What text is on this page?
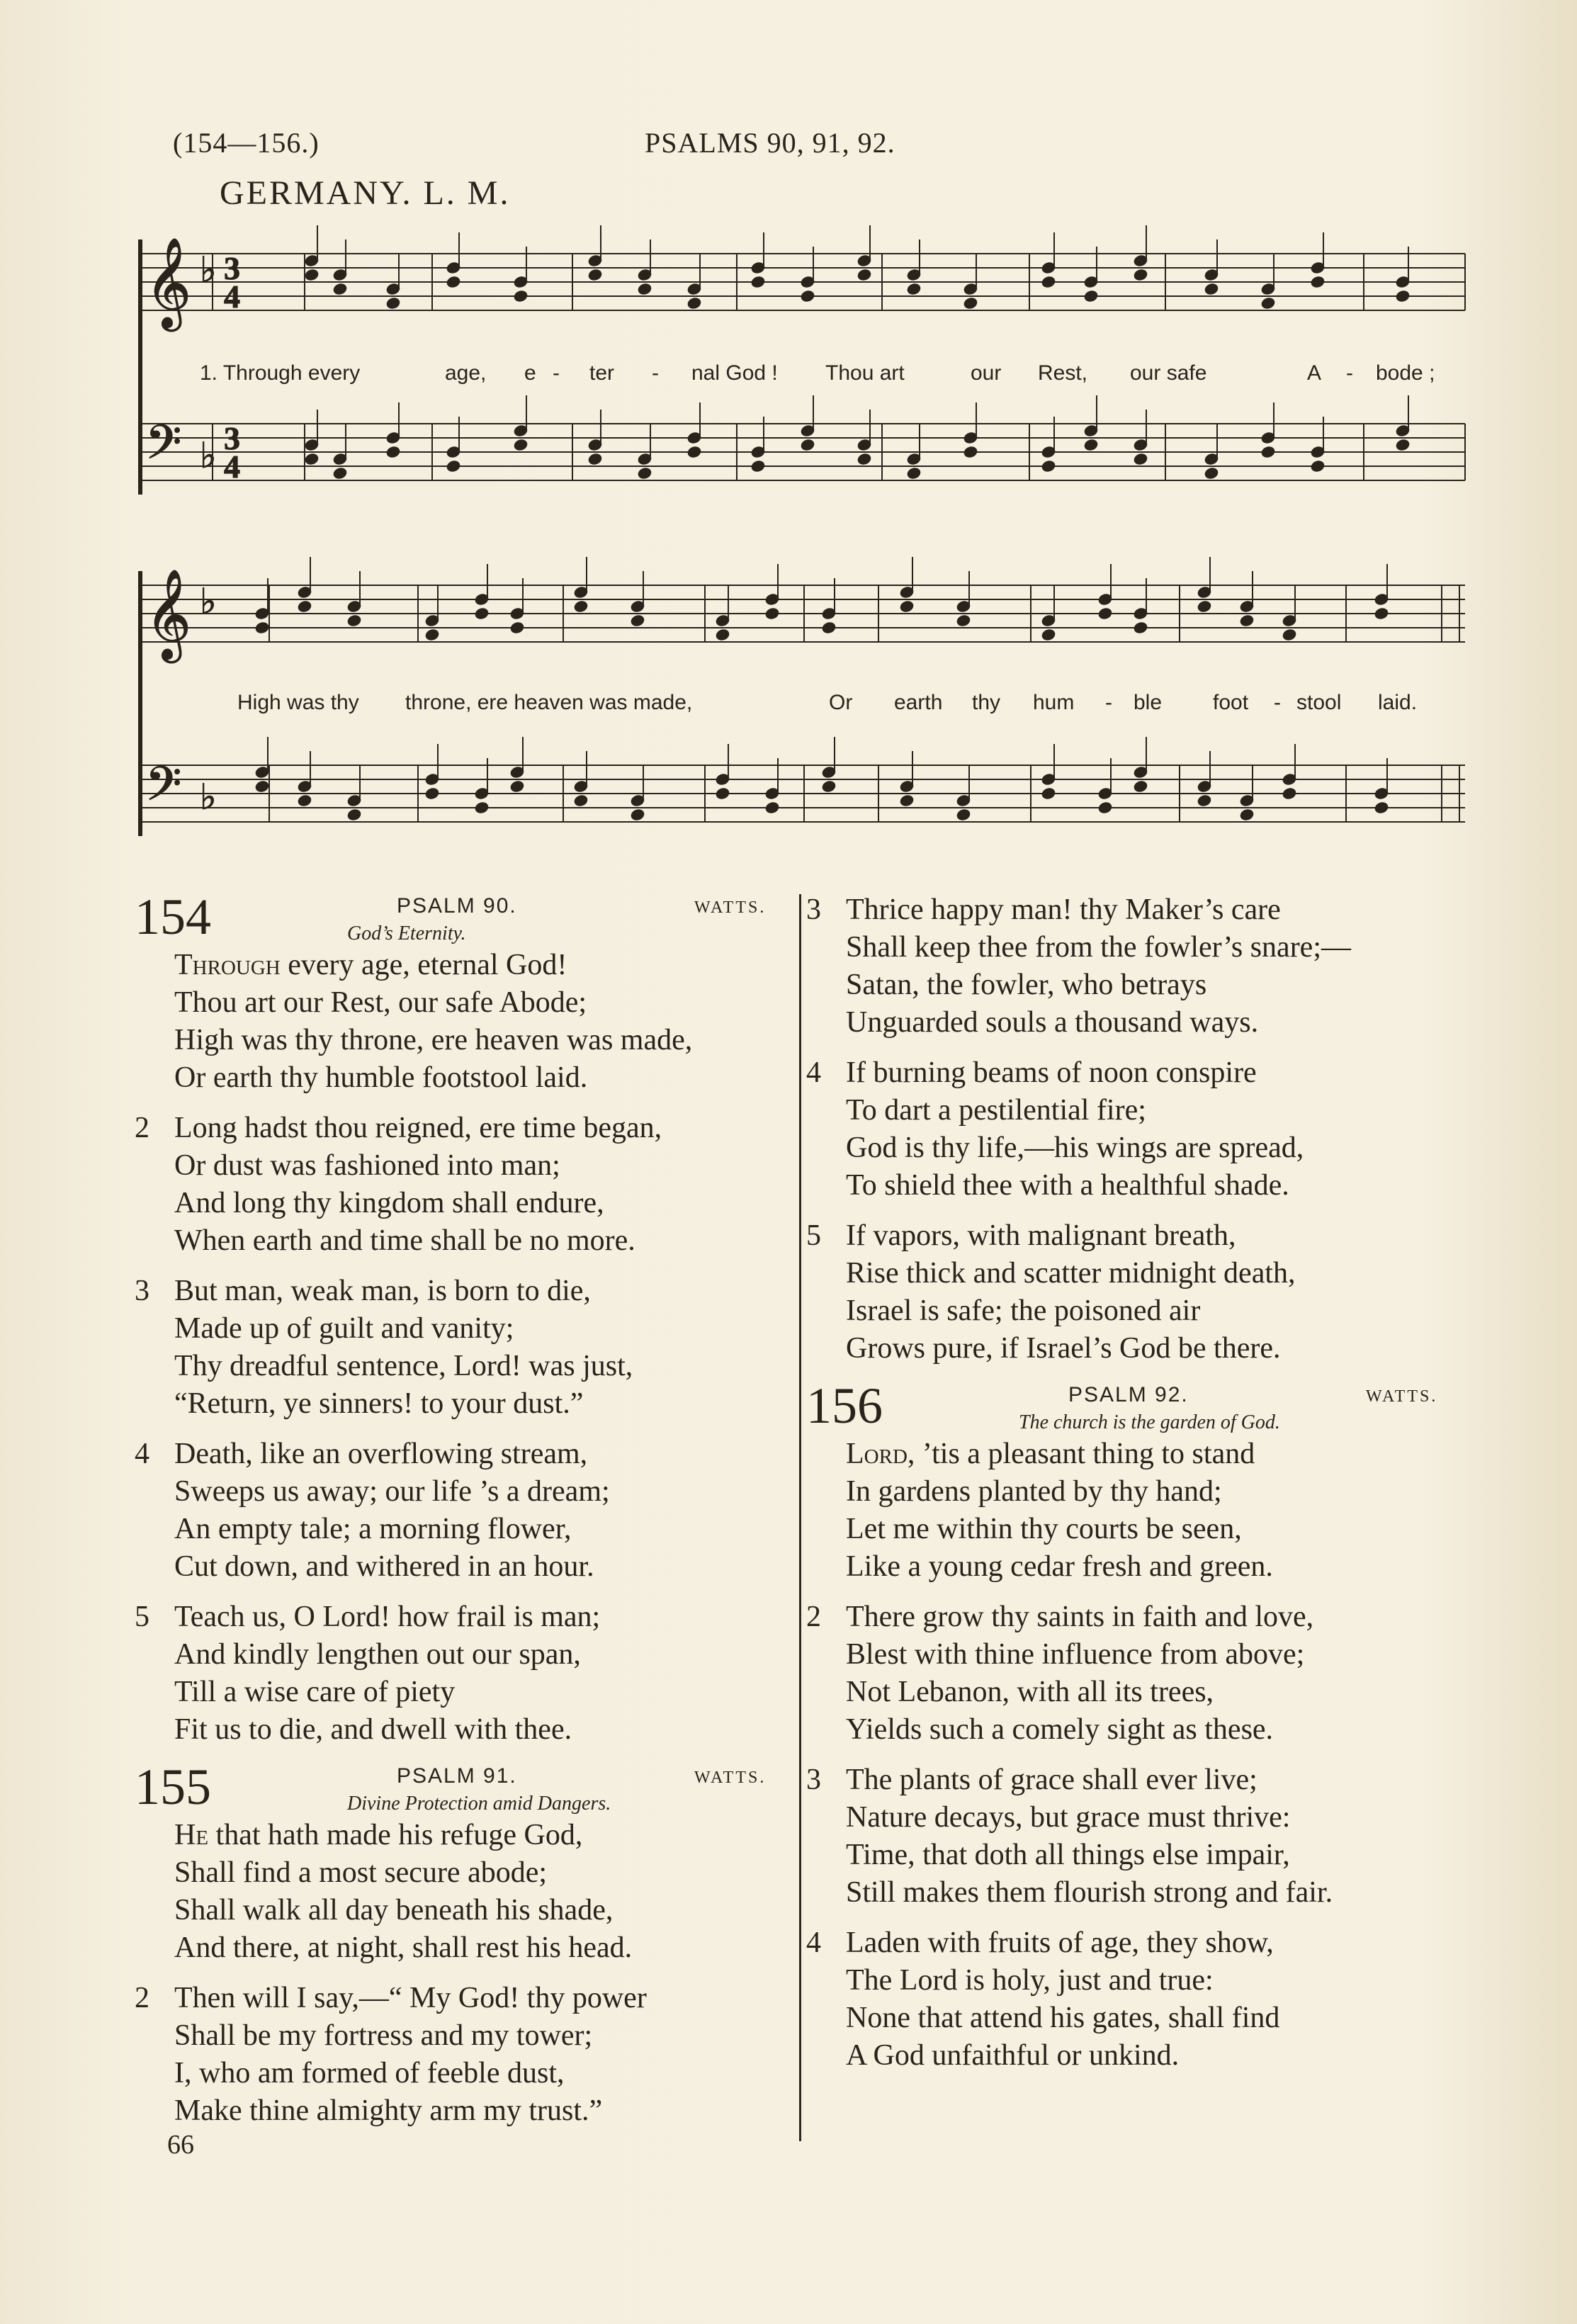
(154—156.)	PSALMS 90, 91, 92.
GERMANY. L. M.
𝄞
𝄢
♭
♭
3
4
3
4
𝄞
𝄢
♭
♭
1. Through every	age, e - ter - nal God ! Thou art	our Rest, our safe	A - bode ;
High was thy throne, ere heaven was made,	Or earth thy hum - ble foot - stool laid.
154	PSALM 90.	WATTS.
God’s Eternity.
Through every age, eternal God!
Thou art our Rest, our safe Abode;
High was thy throne, ere heaven was made,
Or earth thy humble footstool laid.
2 Long hadst thou reigned, ere time began,
Or dust was fashioned into man;
And long thy kingdom shall endure,
When earth and time shall be no more.
3 But man, weak man, is born to die,
Made up of guilt and vanity;
Thy dreadful sentence, Lord! was just,
“Return, ye sinners! to your dust.”
4 Death, like an overflowing stream,
Sweeps us away; our life ’s a dream;
An empty tale; a morning flower,
Cut down, and withered in an hour.
5 Teach us, O Lord! how frail is man;
And kindly lengthen out our span,
Till a wise care of piety
Fit us to die, and dwell with thee.
155	PSALM 91.	WATTS.
Divine Protection amid Dangers.
He that hath made his refuge God,
Shall find a most secure abode;
Shall walk all day beneath his shade,
And there, at night, shall rest his head.
2 Then will I say,—“ My God! thy power
Shall be my fortress and my tower;
I, who am formed of feeble dust,
Make thine almighty arm my trust.”
3 Thrice happy man! thy Maker’s care
Shall keep thee from the fowler’s snare;—
Satan, the fowler, who betrays
Unguarded souls a thousand ways.
4 If burning beams of noon conspire
To dart a pestilential fire;
God is thy life,—his wings are spread,
To shield thee with a healthful shade.
5 If vapors, with malignant breath,
Rise thick and scatter midnight death,
Israel is safe; the poisoned air
Grows pure, if Israel’s God be there.
156	PSALM 92.	WATTS.
The church is the garden of God.
Lord, ’tis a pleasant thing to stand
In gardens planted by thy hand;
Let me within thy courts be seen,
Like a young cedar fresh and green.
2 There grow thy saints in faith and love,
Blest with thine influence from above;
Not Lebanon, with all its trees,
Yields such a comely sight as these.
3 The plants of grace shall ever live;
Nature decays, but grace must thrive:
Time, that doth all things else impair,
Still makes them flourish strong and fair.
4 Laden with fruits of age, they show,
The Lord is holy, just and true:
None that attend his gates, shall find
A God unfaithful or unkind.
66
